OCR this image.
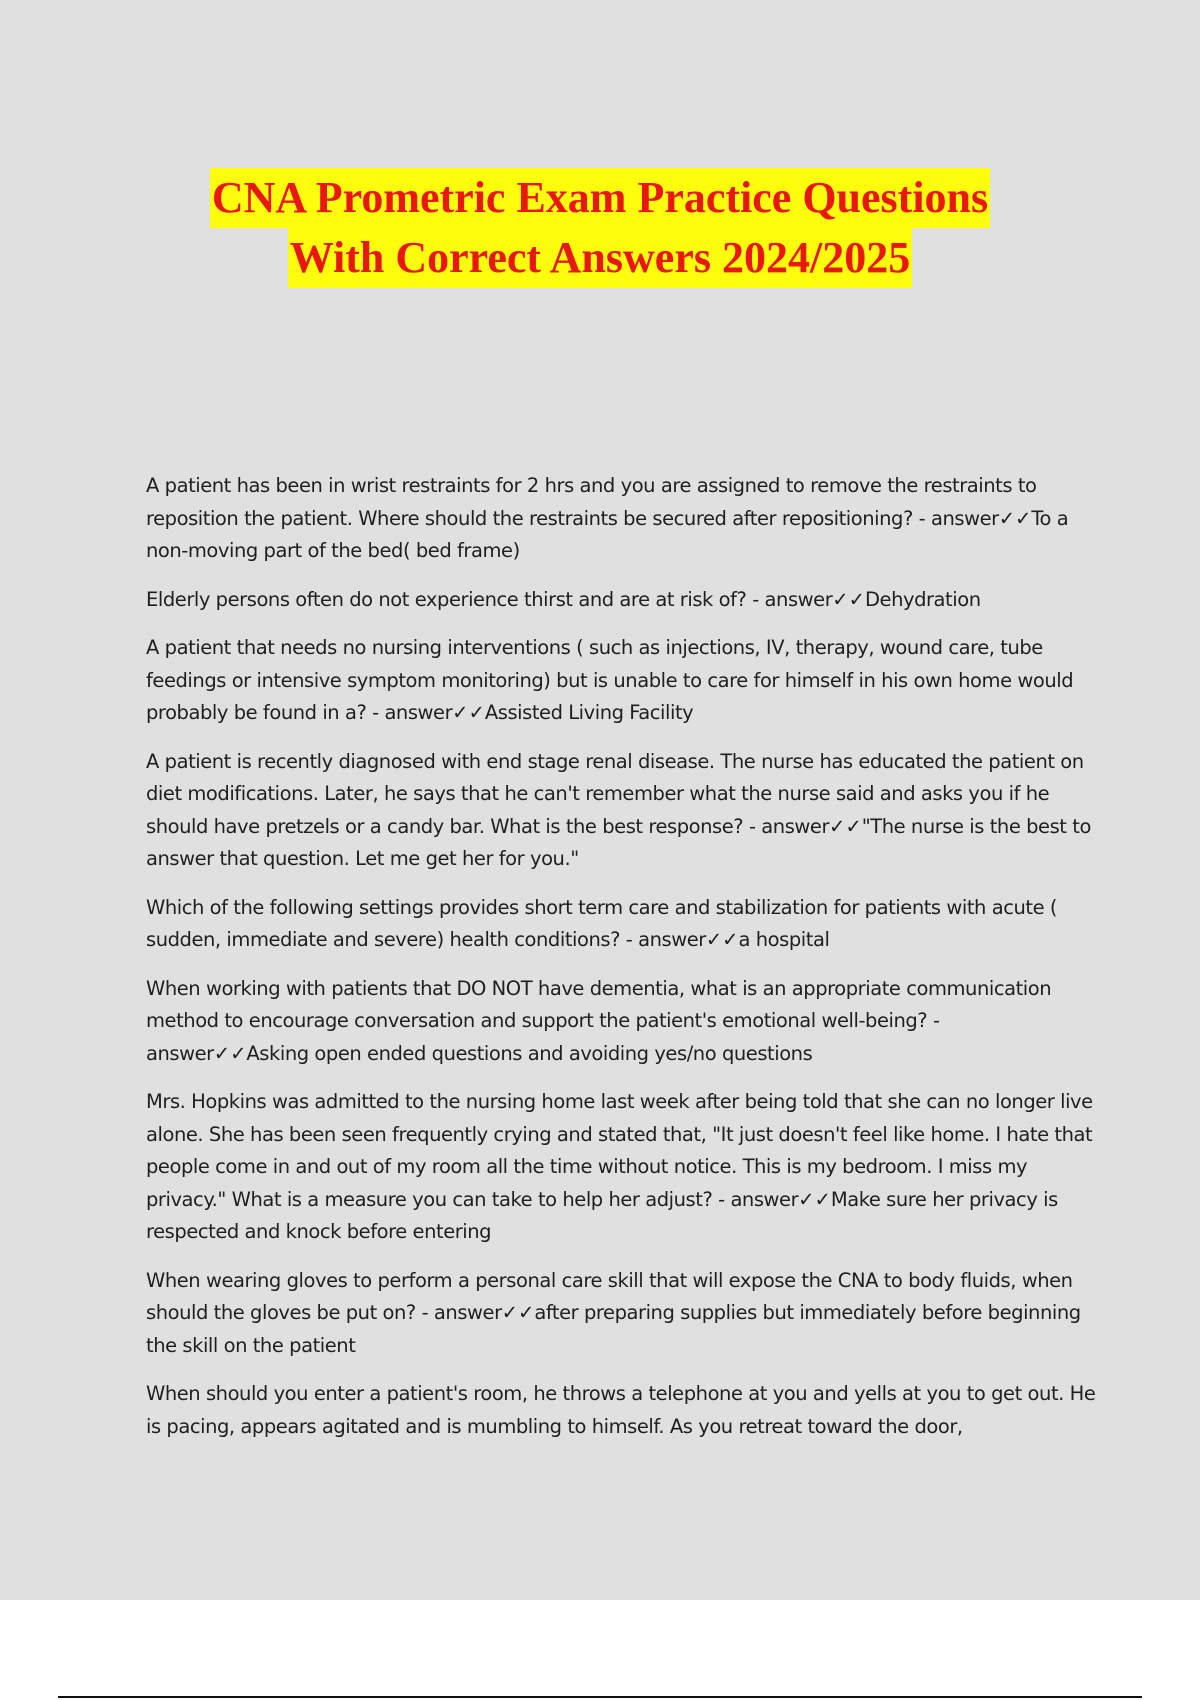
CNA Prometric Exam Practice Questions
With Correct Answers 2024/2025

A patient has been in wrist restraints for 2 hrs and you are assigned to remove the restraints to reposition the patient. Where should the restraints be secured after repositioning? - answer✓✓To a non-moving part of the bed( bed frame)

Elderly persons often do not experience thirst and are at risk of? - answer✓✓Dehydration

A patient that needs no nursing interventions ( such as injections, IV, therapy, wound care, tube feedings or intensive symptom monitoring) but is unable to care for himself in his own home would probably be found in a? - answer✓✓Assisted Living Facility

A patient is recently diagnosed with end stage renal disease. The nurse has educated the patient on diet modifications. Later, he says that he can't remember what the nurse said and asks you if he should have pretzels or a candy bar. What is the best response? - answer✓✓"The nurse is the best to answer that question. Let me get her for you."

Which of the following settings provides short term care and stabilization for patients with acute ( sudden, immediate and severe) health conditions? - answer✓✓a hospital

When working with patients that DO NOT have dementia, what is an appropriate communication method to encourage conversation and support the patient's emotional well-being? - answer✓✓Asking open ended questions and avoiding yes/no questions

Mrs. Hopkins was admitted to the nursing home last week after being told that she can no longer live alone. She has been seen frequently crying and stated that, "It just doesn't feel like home. I hate that people come in and out of my room all the time without notice. This is my bedroom. I miss my privacy." What is a measure you can take to help her adjust? - answer✓✓Make sure her privacy is respected and knock before entering

When wearing gloves to perform a personal care skill that will expose the CNA to body fluids, when should the gloves be put on? - answer✓✓after preparing supplies but immediately before beginning the skill on the patient

When should you enter a patient's room, he throws a telephone at you and yells at you to get out. He is pacing, appears agitated and is mumbling to himself. As you retreat toward the door,
